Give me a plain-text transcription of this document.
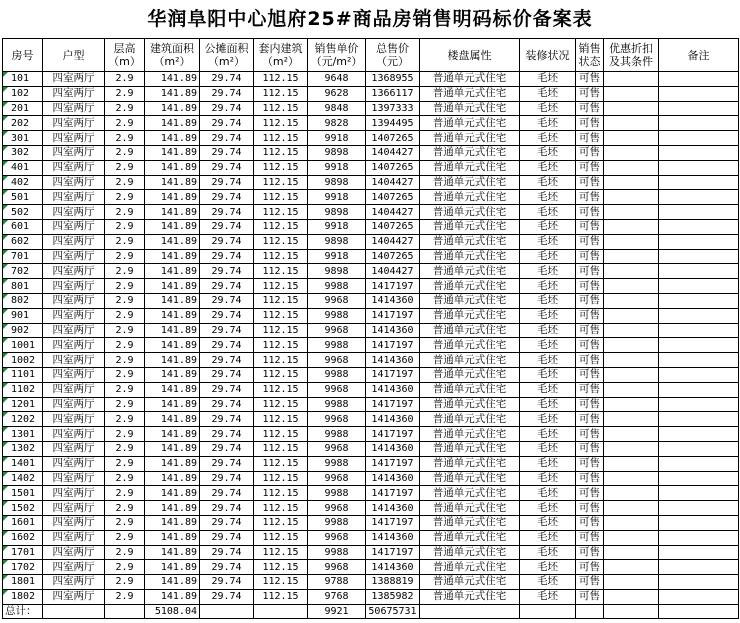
华润阜阳中心旭府25#商品房销售明码标价备案表
房号	户型	层高（m）	建筑面积（m²）	公摊面积（m²）	套内建筑（m²）	销售单价（元/m²）	总售价（元）	楼盘属性	装修状况	销售状态	优惠折扣及其条件	备注
101	四室两厅	2.9	141.89	29.74	112.15	9648	1368955	普通单元式住宅	毛坯	可售		
102	四室两厅	2.9	141.89	29.74	112.15	9628	1366117	普通单元式住宅	毛坯	可售		
201	四室两厅	2.9	141.89	29.74	112.15	9848	1397333	普通单元式住宅	毛坯	可售		
202	四室两厅	2.9	141.89	29.74	112.15	9828	1394495	普通单元式住宅	毛坯	可售		
301	四室两厅	2.9	141.89	29.74	112.15	9918	1407265	普通单元式住宅	毛坯	可售		
302	四室两厅	2.9	141.89	29.74	112.15	9898	1404427	普通单元式住宅	毛坯	可售		
401	四室两厅	2.9	141.89	29.74	112.15	9918	1407265	普通单元式住宅	毛坯	可售		
402	四室两厅	2.9	141.89	29.74	112.15	9898	1404427	普通单元式住宅	毛坯	可售		
501	四室两厅	2.9	141.89	29.74	112.15	9918	1407265	普通单元式住宅	毛坯	可售		
502	四室两厅	2.9	141.89	29.74	112.15	9898	1404427	普通单元式住宅	毛坯	可售		
601	四室两厅	2.9	141.89	29.74	112.15	9918	1407265	普通单元式住宅	毛坯	可售		
602	四室两厅	2.9	141.89	29.74	112.15	9898	1404427	普通单元式住宅	毛坯	可售		
701	四室两厅	2.9	141.89	29.74	112.15	9918	1407265	普通单元式住宅	毛坯	可售		
702	四室两厅	2.9	141.89	29.74	112.15	9898	1404427	普通单元式住宅	毛坯	可售		
801	四室两厅	2.9	141.89	29.74	112.15	9988	1417197	普通单元式住宅	毛坯	可售		
802	四室两厅	2.9	141.89	29.74	112.15	9968	1414360	普通单元式住宅	毛坯	可售		
901	四室两厅	2.9	141.89	29.74	112.15	9988	1417197	普通单元式住宅	毛坯	可售		
902	四室两厅	2.9	141.89	29.74	112.15	9968	1414360	普通单元式住宅	毛坯	可售		
1001	四室两厅	2.9	141.89	29.74	112.15	9988	1417197	普通单元式住宅	毛坯	可售		
1002	四室两厅	2.9	141.89	29.74	112.15	9968	1414360	普通单元式住宅	毛坯	可售		
1101	四室两厅	2.9	141.89	29.74	112.15	9988	1417197	普通单元式住宅	毛坯	可售		
1102	四室两厅	2.9	141.89	29.74	112.15	9968	1414360	普通单元式住宅	毛坯	可售		
1201	四室两厅	2.9	141.89	29.74	112.15	9988	1417197	普通单元式住宅	毛坯	可售		
1202	四室两厅	2.9	141.89	29.74	112.15	9968	1414360	普通单元式住宅	毛坯	可售		
1301	四室两厅	2.9	141.89	29.74	112.15	9988	1417197	普通单元式住宅	毛坯	可售		
1302	四室两厅	2.9	141.89	29.74	112.15	9968	1414360	普通单元式住宅	毛坯	可售		
1401	四室两厅	2.9	141.89	29.74	112.15	9988	1417197	普通单元式住宅	毛坯	可售		
1402	四室两厅	2.9	141.89	29.74	112.15	9968	1414360	普通单元式住宅	毛坯	可售		
1501	四室两厅	2.9	141.89	29.74	112.15	9988	1417197	普通单元式住宅	毛坯	可售		
1502	四室两厅	2.9	141.89	29.74	112.15	9968	1414360	普通单元式住宅	毛坯	可售		
1601	四室两厅	2.9	141.89	29.74	112.15	9988	1417197	普通单元式住宅	毛坯	可售		
1602	四室两厅	2.9	141.89	29.74	112.15	9968	1414360	普通单元式住宅	毛坯	可售		
1701	四室两厅	2.9	141.89	29.74	112.15	9988	1417197	普通单元式住宅	毛坯	可售		
1702	四室两厅	2.9	141.89	29.74	112.15	9968	1414360	普通单元式住宅	毛坯	可售		
1801	四室两厅	2.9	141.89	29.74	112.15	9788	1388819	普通单元式住宅	毛坯	可售		
1802	四室两厅	2.9	141.89	29.74	112.15	9768	1385982	普通单元式住宅	毛坯	可售		
总计：			5108.04			9921	50675731					
